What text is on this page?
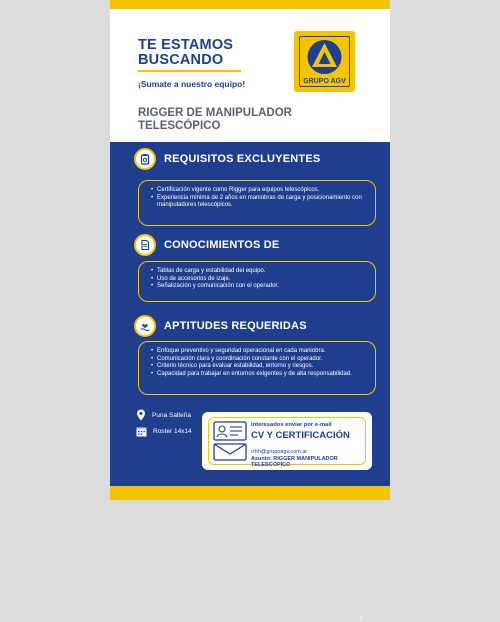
TE ESTAMOS
BUSCANDO
¡Sumate a nuestro equipo!	GRUPO AGV
RIGGER DE MANIPULADOR
TELESCÓPICO
REQUISITOS EXCLUYENTES
• Certificación vigente como Rigger para equipos telescópicos.
• Experiencia mínima de 2 años en maniobras de carga y posicionamiento con manipuladores telescópicos.
CONOCIMIENTOS DE
• Tablas de carga y estabilidad del equipo.
• Uso de accesorios de izaje.
• Señalización y comunicación con el operador.
APTITUDES REQUERIDAS
• Enfoque preventivo y seguridad operacional en cada maniobra.
• Comunicación clara y coordinación constante con el operador.
• Criterio técnico para evaluar estabilidad, entorno y riesgos.
• Capacidad para trabajar en entornos exigentes y de alta responsabilidad.
Puna Salteña
Roster 14x14
5
Interesados enviar por e-mail
CV Y CERTIFICACIÓN
rrhh@grupoagv.com.ar
Asunto: RIGGER MANIPULADOR TELESCÓPICO
